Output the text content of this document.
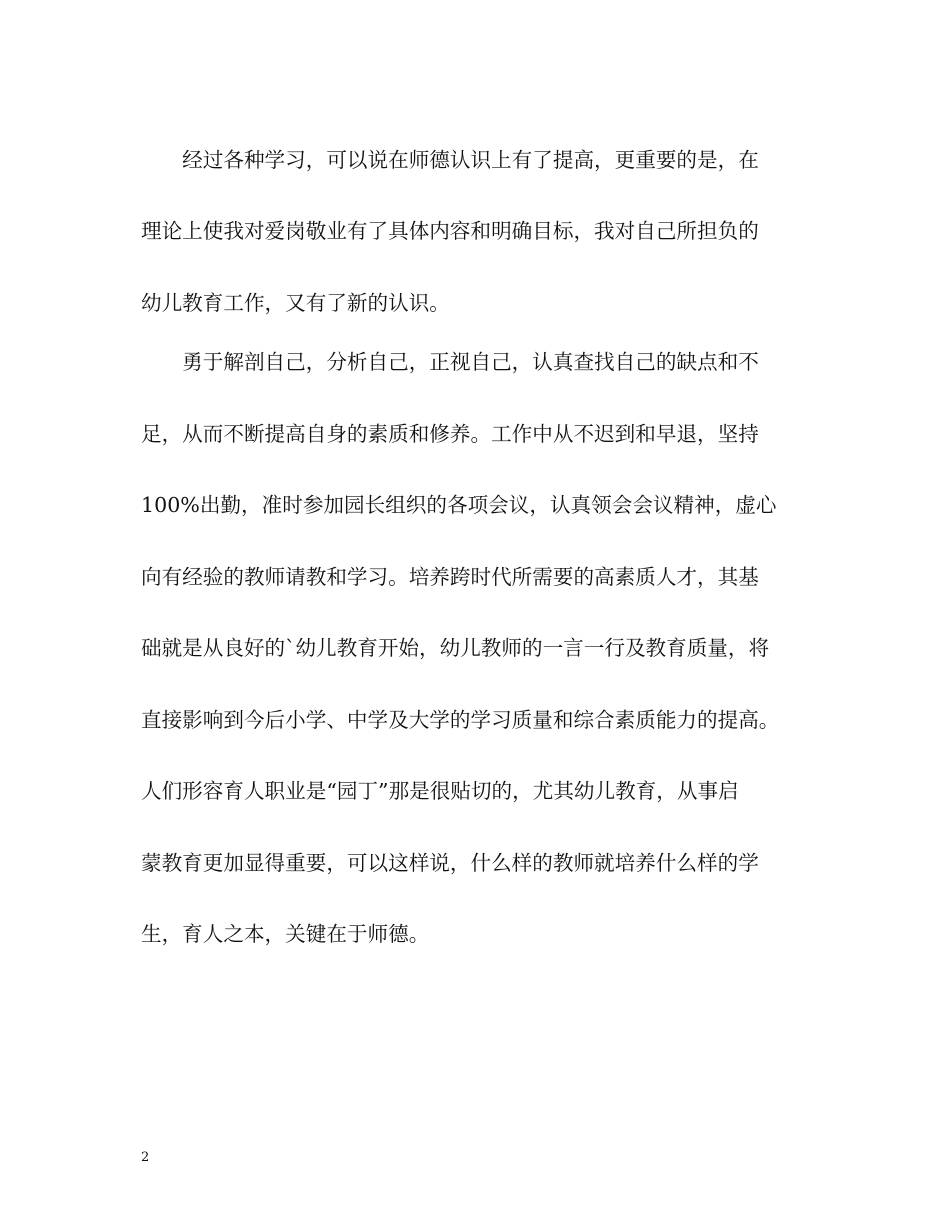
　　经过各种学习，可以说在师德认识上有了提高，更重要的是，在
理论上使我对爱岗敬业有了具体内容和明确目标，我对自己所担负的
幼儿教育工作，又有了新的认识。
　　勇于解剖自己，分析自己，正视自己，认真查找自己的缺点和不
足，从而不断提高自身的素质和修养。工作中从不迟到和早退，坚持
100%出勤，准时参加园长组织的各项会议，认真领会会议精神，虚心
向有经验的教师请教和学习。培养跨时代所需要的高素质人才，其基
础就是从良好的`幼儿教育开始，幼儿教师的一言一行及教育质量，将
直接影响到今后小学、中学及大学的学习质量和综合素质能力的提高。
人们形容育人职业是“园丁”那是很贴切的，尤其幼儿教育，从事启
蒙教育更加显得重要，可以这样说，什么样的教师就培养什么样的学
生，育人之本，关键在于师德。
2
